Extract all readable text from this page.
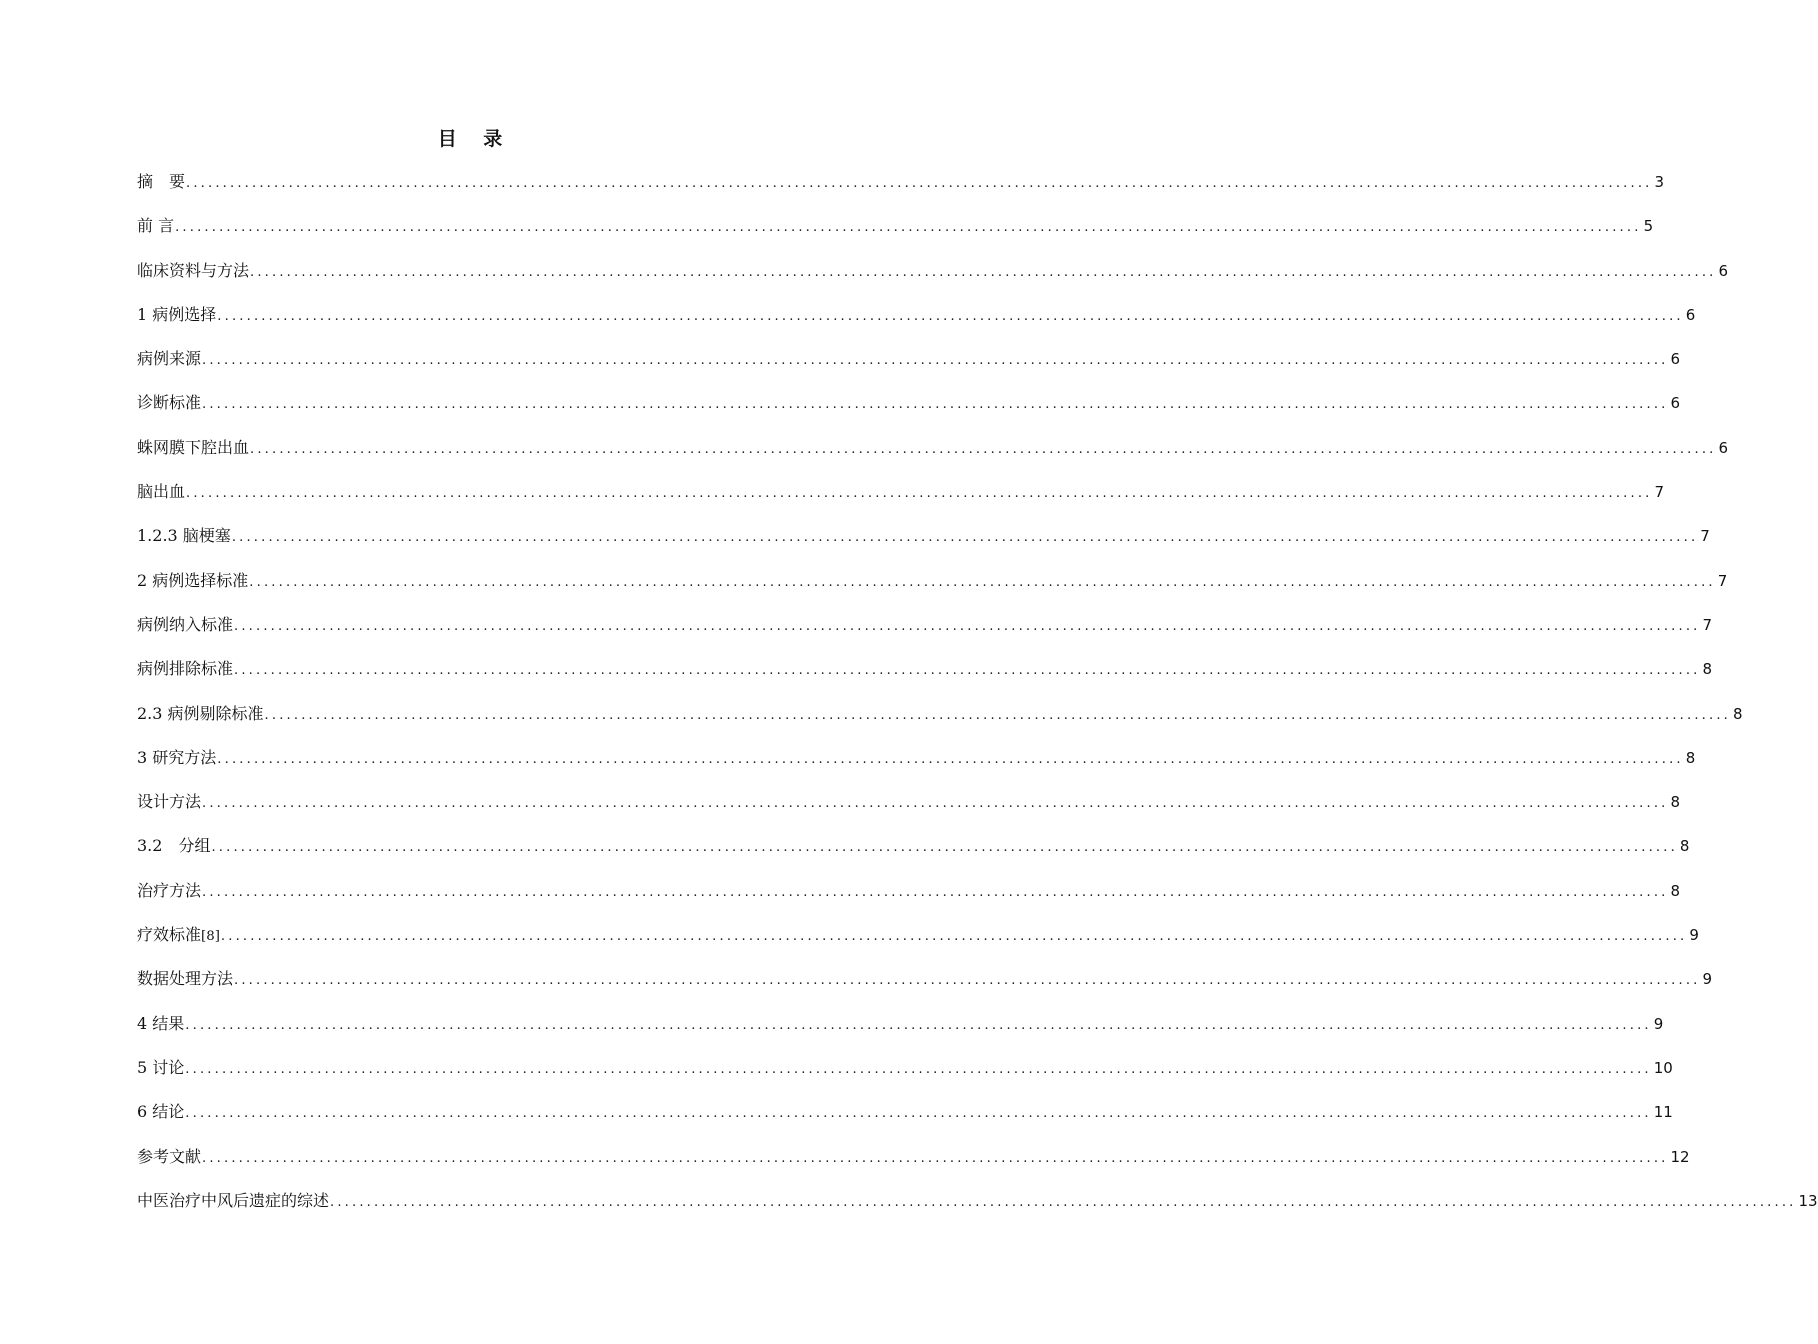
目 录
摘　要 ........................................................................................................................................................................................................ 3
前 言 ........................................................................................................................................................................................................ 5
临床资料与方法 ........................................................................................................................................................................................................ 6
1 病例选择 ........................................................................................................................................................................................................ 6
病例来源 ........................................................................................................................................................................................................ 6
诊断标准 ........................................................................................................................................................................................................ 6
蛛网膜下腔出血 ........................................................................................................................................................................................................ 6
脑出血 ........................................................................................................................................................................................................ 7
1.2.3 脑梗塞 ........................................................................................................................................................................................................ 7
2 病例选择标准 ........................................................................................................................................................................................................ 7
病例纳入标准 ........................................................................................................................................................................................................ 7
病例排除标准 ........................................................................................................................................................................................................ 8
2.3 病例剔除标准 ........................................................................................................................................................................................................ 8
3 研究方法 ........................................................................................................................................................................................................ 8
设计方法 ........................................................................................................................................................................................................ 8
3.2　分组 ........................................................................................................................................................................................................ 8
治疗方法 ........................................................................................................................................................................................................ 8
疗效标准 [8] ........................................................................................................................................................................................................ 9
数据处理方法 ........................................................................................................................................................................................................ 9
4 结果 ........................................................................................................................................................................................................ 9
5 讨论 ........................................................................................................................................................................................................ 10
6 结论 ........................................................................................................................................................................................................ 11
参考文献 ........................................................................................................................................................................................................ 12
中医治疗中风后遗症的综述 ........................................................................................................................................................................................................ 13
